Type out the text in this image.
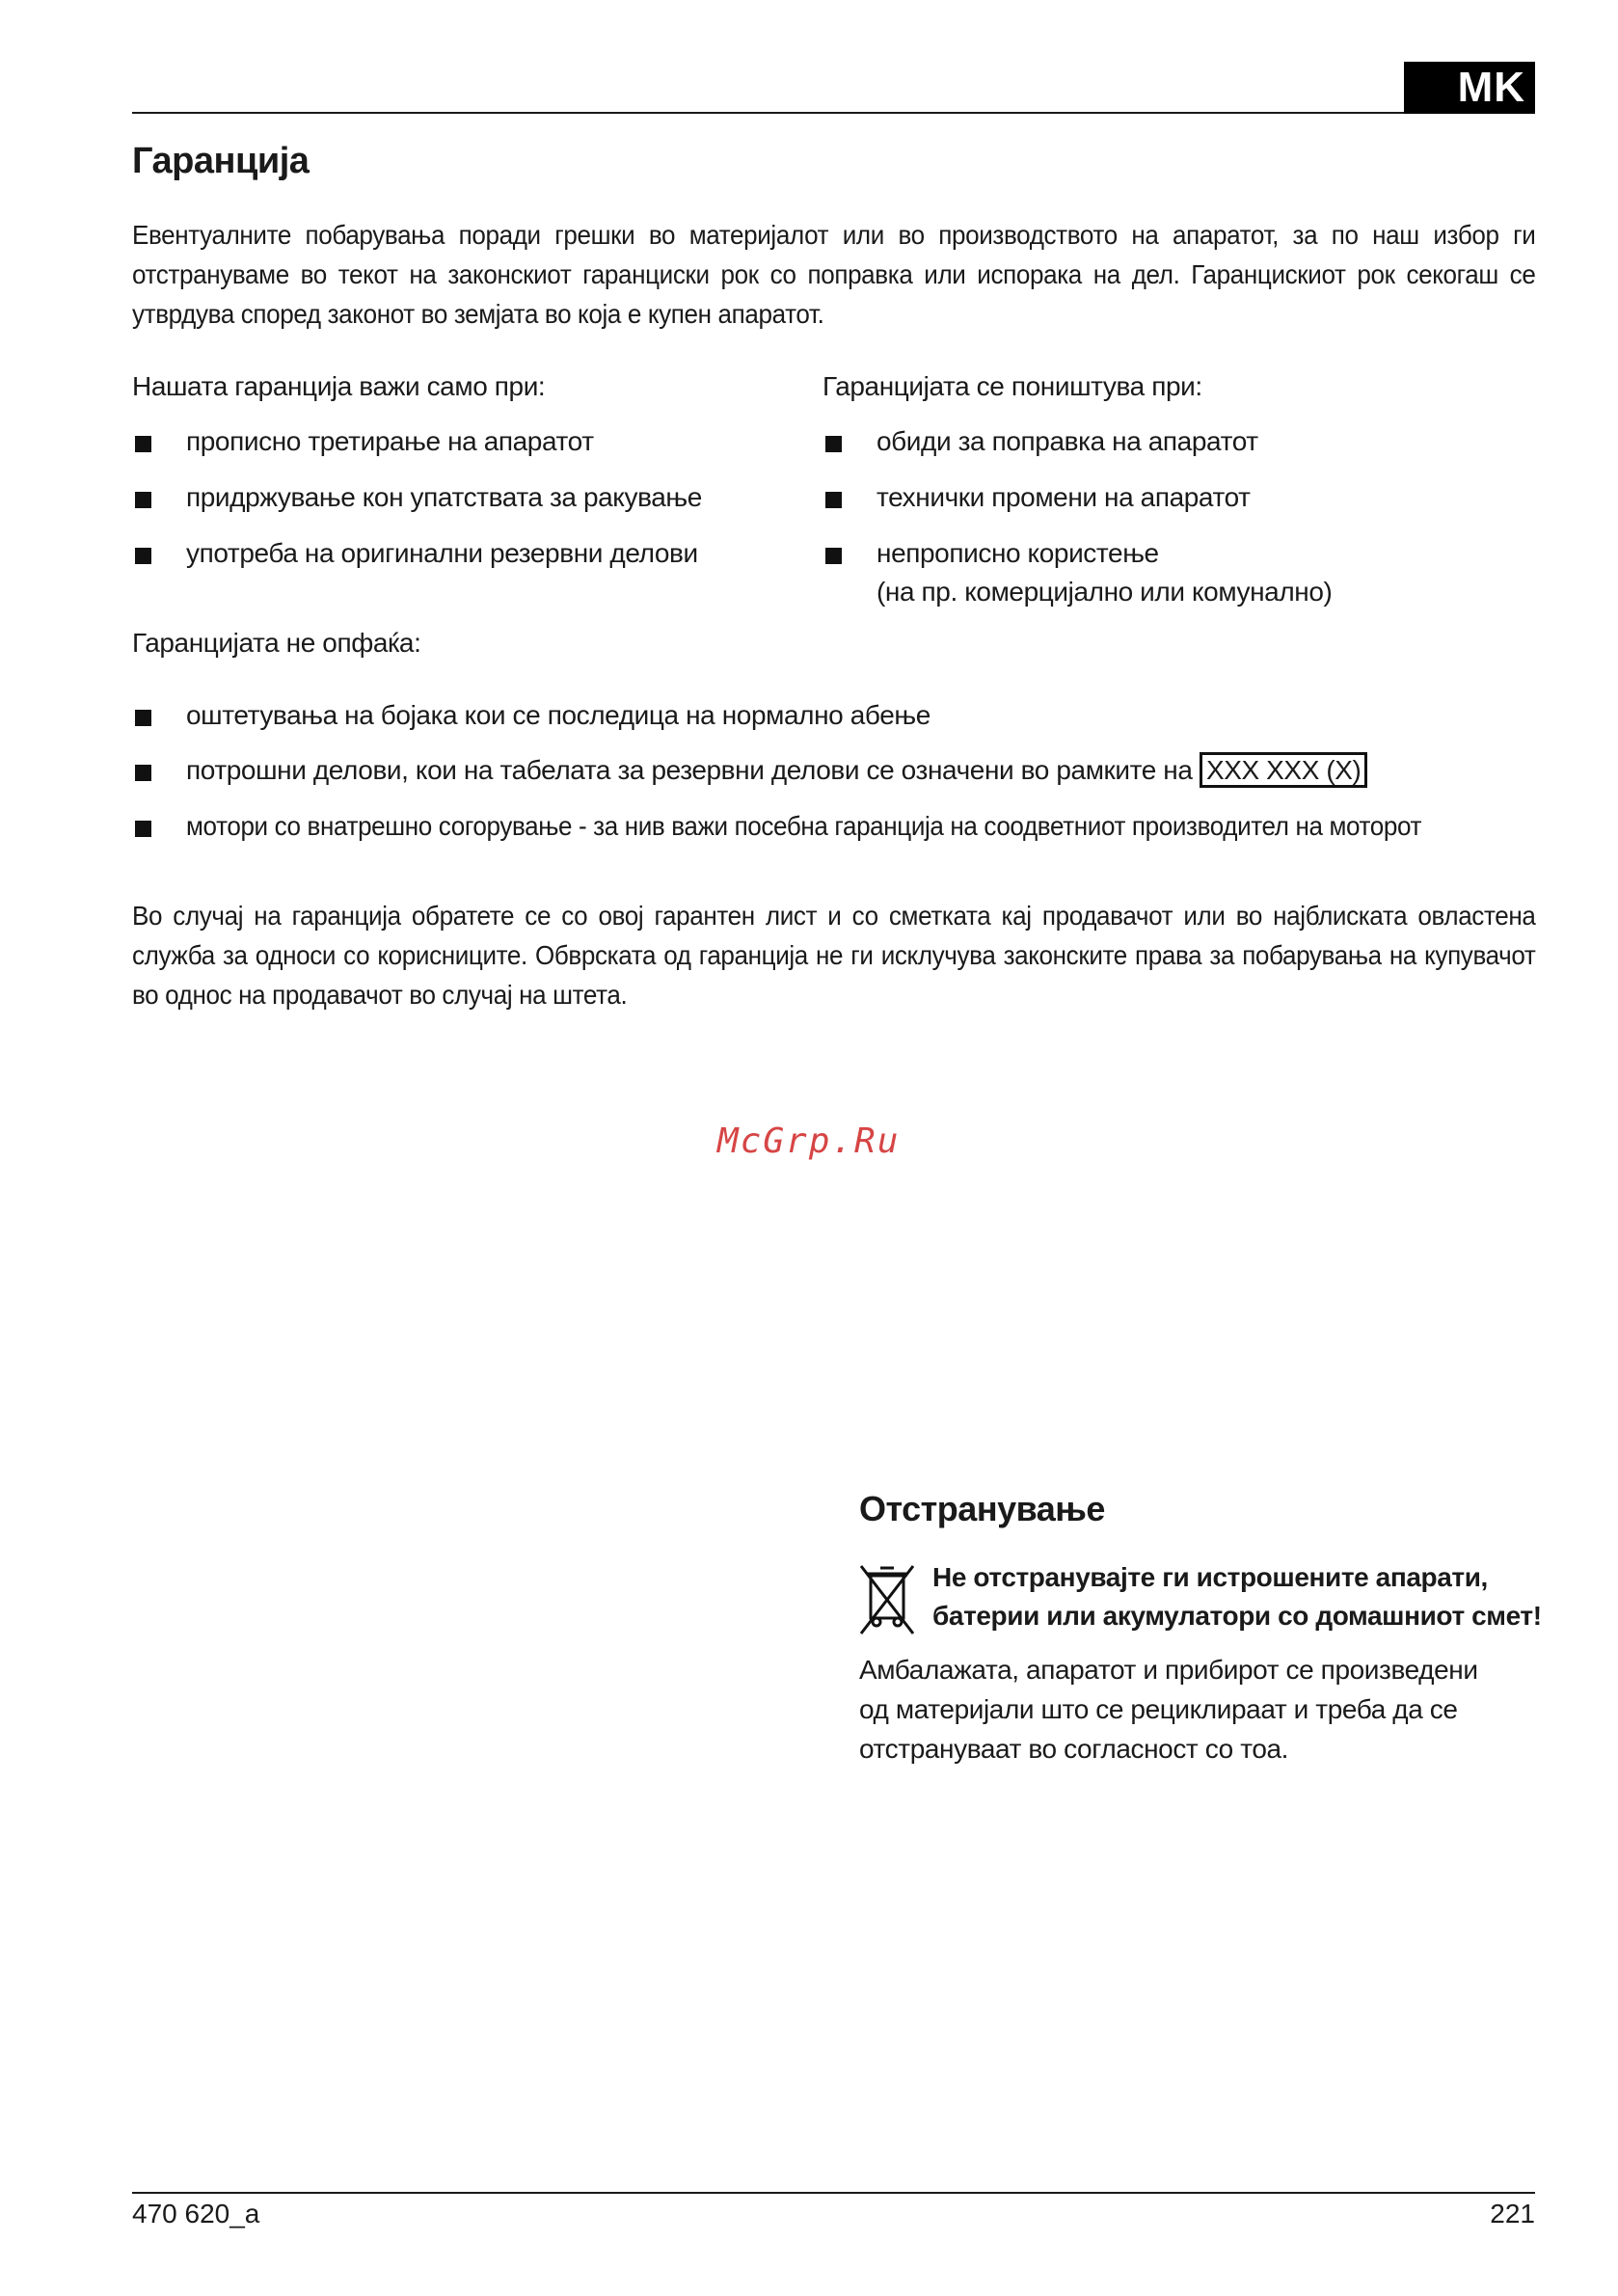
MK
Гаранција
Евентуалните побарувања поради грешки во материјалот или во производството на апаратот, за по наш избор ги отстрануваме во текот на законскиот гаранциски рок со поправка или испорака на дел. Гаранцискиот рок секогаш се утврдува според законот во земјата во која е купен апаратот.
Нашата гаранција важи само при:
прописно третирање на апаратот
придржување кон упатствата за ракување
употреба на оригинални резервни делови
Гаранцијата се поништува при:
обиди за поправка на апаратот
технички промени на апаратот
непрописно користење
(на пр. комерцијално или комунално)
Гаранцијата не опфаќа:
оштетувања на бојака кои се последица на нормално абење
потрошни делови, кои на табелата за резервни делови се означени во рамките на XXX XXX (X)
мотори со внатрешно согорување - за нив важи посебна гаранција на соодветниот производител на моторот
Во случај на гаранција обратете се со овој гарантен лист и со сметката кај продавачот или во најблиската овластена служба за односи со корисниците. Обврската од гаранција не ги исклучува законските права за побарувања на купувачот во однос на продавачот во случај на штета.
McGrp.Ru
Отстранување
Не отстранувајте ги истрошените апарати,
батерии или акумулатори со домашниот смет!
Амбалажата, апаратот и прибирот се произведени
од материјали што се рециклираат и треба да се
отстрануваат во согласност со тоа.
470 620_a	221
